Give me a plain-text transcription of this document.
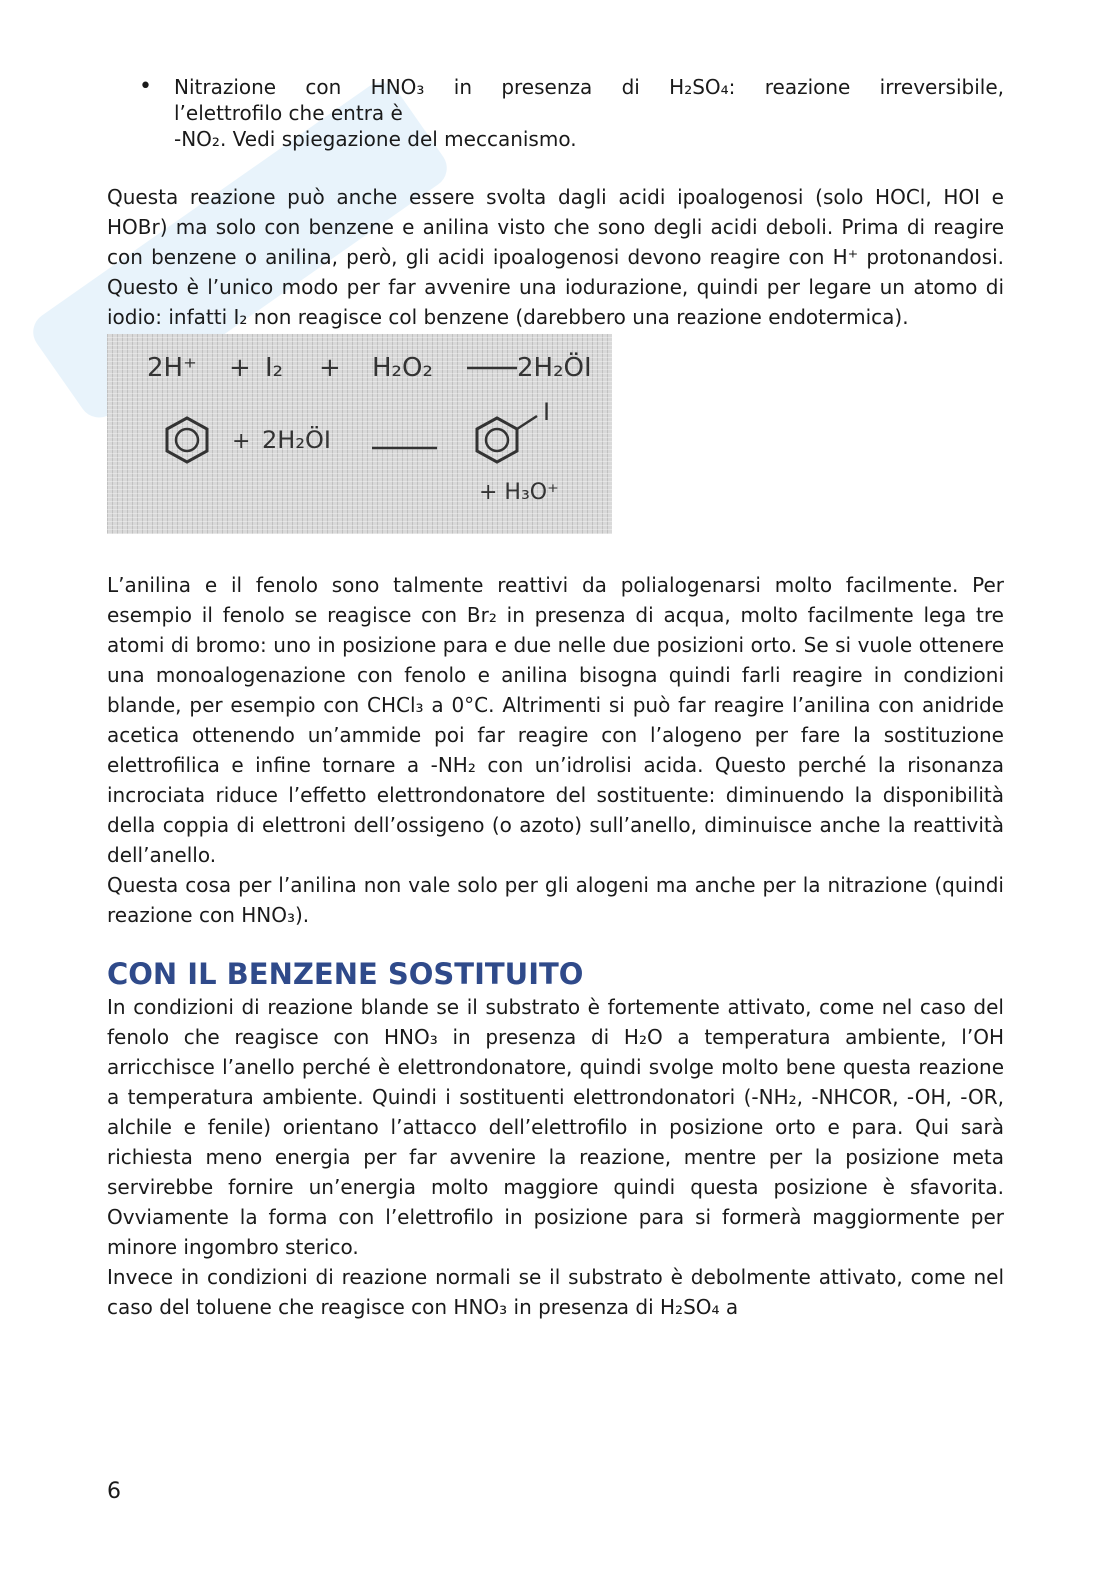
• Nitrazione con HNO₃ in presenza di H₂SO₄: reazione irreversibile,
l’elettrofilo che entra è
-NO₂. Vedi spiegazione del meccanismo.

Questa reazione può anche essere svolta dagli acidi ipoalogenosi (solo HOCl, HOI e HOBr) ma solo con benzene e anilina visto che sono degli acidi deboli. Prima di reagire con benzene o anilina, però, gli acidi ipoalogenosi devono reagire con H⁺ protonandosi. Questo è l’unico modo per far avvenire una iodurazione, quindi per legare un atomo di iodio: infatti I₂ non reagisce col benzene (darebbero una reazione endotermica).

2H⁺ + I₂ + H₂O₂	2H₂ÖI
+ 2H₂ÖI
I
+ H₃O⁺

L’anilina e il fenolo sono talmente reattivi da polialogenarsi molto facilmente. Per esempio il fenolo se reagisce con Br₂ in presenza di acqua, molto facilmente lega tre atomi di bromo: uno in posizione para e due nelle due posizioni orto. Se si vuole ottenere una monoalogenazione con fenolo e anilina bisogna quindi farli reagire in condizioni blande, per esempio con CHCl₃ a 0°C. Altrimenti si può far reagire l’anilina con anidride acetica ottenendo un’ammide poi far reagire con l’alogeno per fare la sostituzione elettrofilica e infine tornare a -NH₂ con un’idrolisi acida. Questo perché la risonanza incrociata riduce l’effetto elettrondonatore del sostituente: diminuendo la disponibilità della coppia di elettroni dell’ossigeno (o azoto) sull’anello, diminuisce anche la reattività dell’anello.

Questa cosa per l’anilina non vale solo per gli alogeni ma anche per la nitrazione (quindi reazione con HNO₃).

CON IL BENZENE SOSTITUITO

In condizioni di reazione blande se il substrato è fortemente attivato, come nel caso del fenolo che reagisce con HNO₃ in presenza di H₂O a temperatura ambiente, l’OH arricchisce l’anello perché è elettrondonatore, quindi svolge molto bene questa reazione a temperatura ambiente. Quindi i sostituenti elettrondonatori (-NH₂, -NHCOR, -OH, -OR, alchile e fenile) orientano l’attacco dell’elettrofilo in posizione orto e para. Qui sarà richiesta meno energia per far avvenire la reazione, mentre per la posizione meta servirebbe fornire un’energia molto maggiore quindi questa posizione è sfavorita. Ovviamente la forma con l’elettrofilo in posizione para si formerà maggiormente per minore ingombro sterico.

Invece in condizioni di reazione normali se il substrato è debolmente attivato, come nel caso del toluene che reagisce con HNO₃ in presenza di H₂SO₄ a

6
